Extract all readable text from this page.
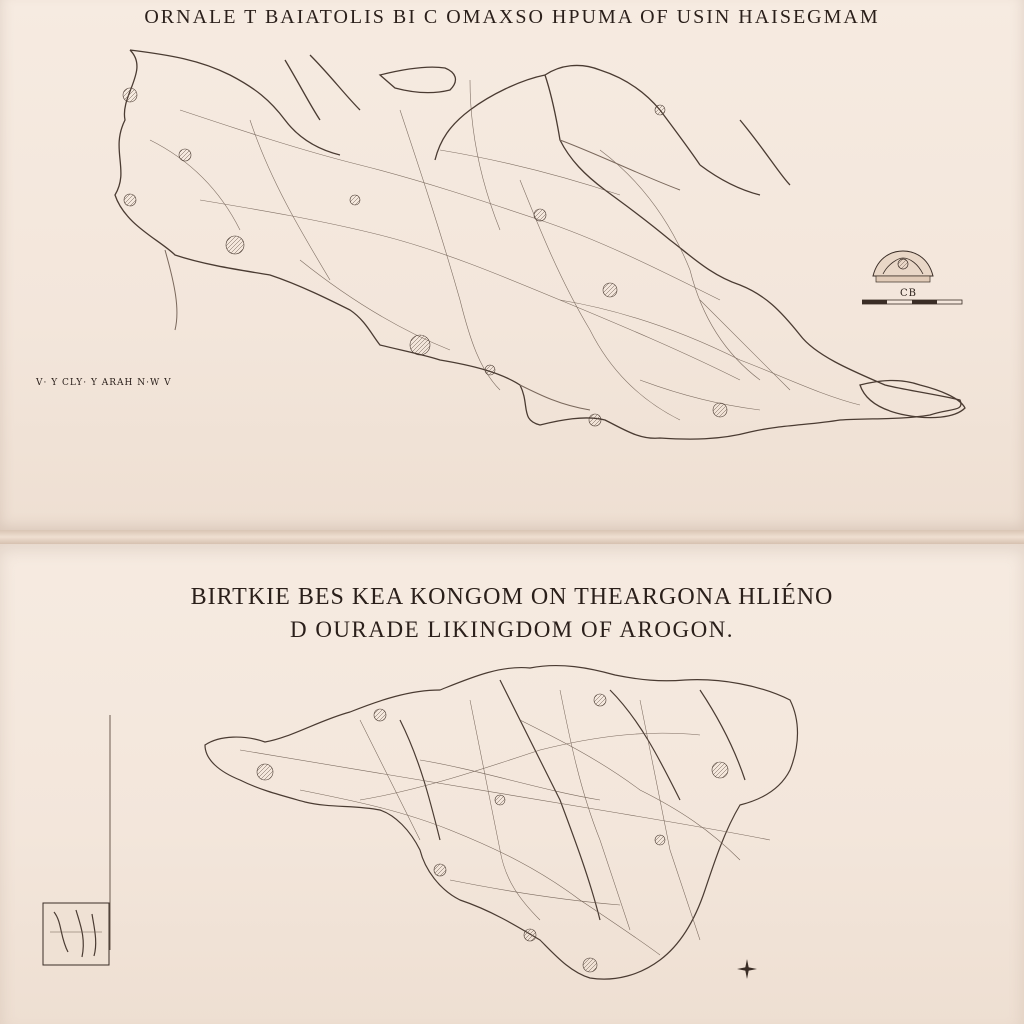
ORNALE T BAIATOLIS BI C OMAXSO HPUMA OF USIN HAISEGMAM
BIRTKIE BES KEA KONGOM ON THEARGONA HLIÉNO
D OURADE LIKINGDOM OF AROGON.
V· Y CLY· Y ARAH N·W V
CB
